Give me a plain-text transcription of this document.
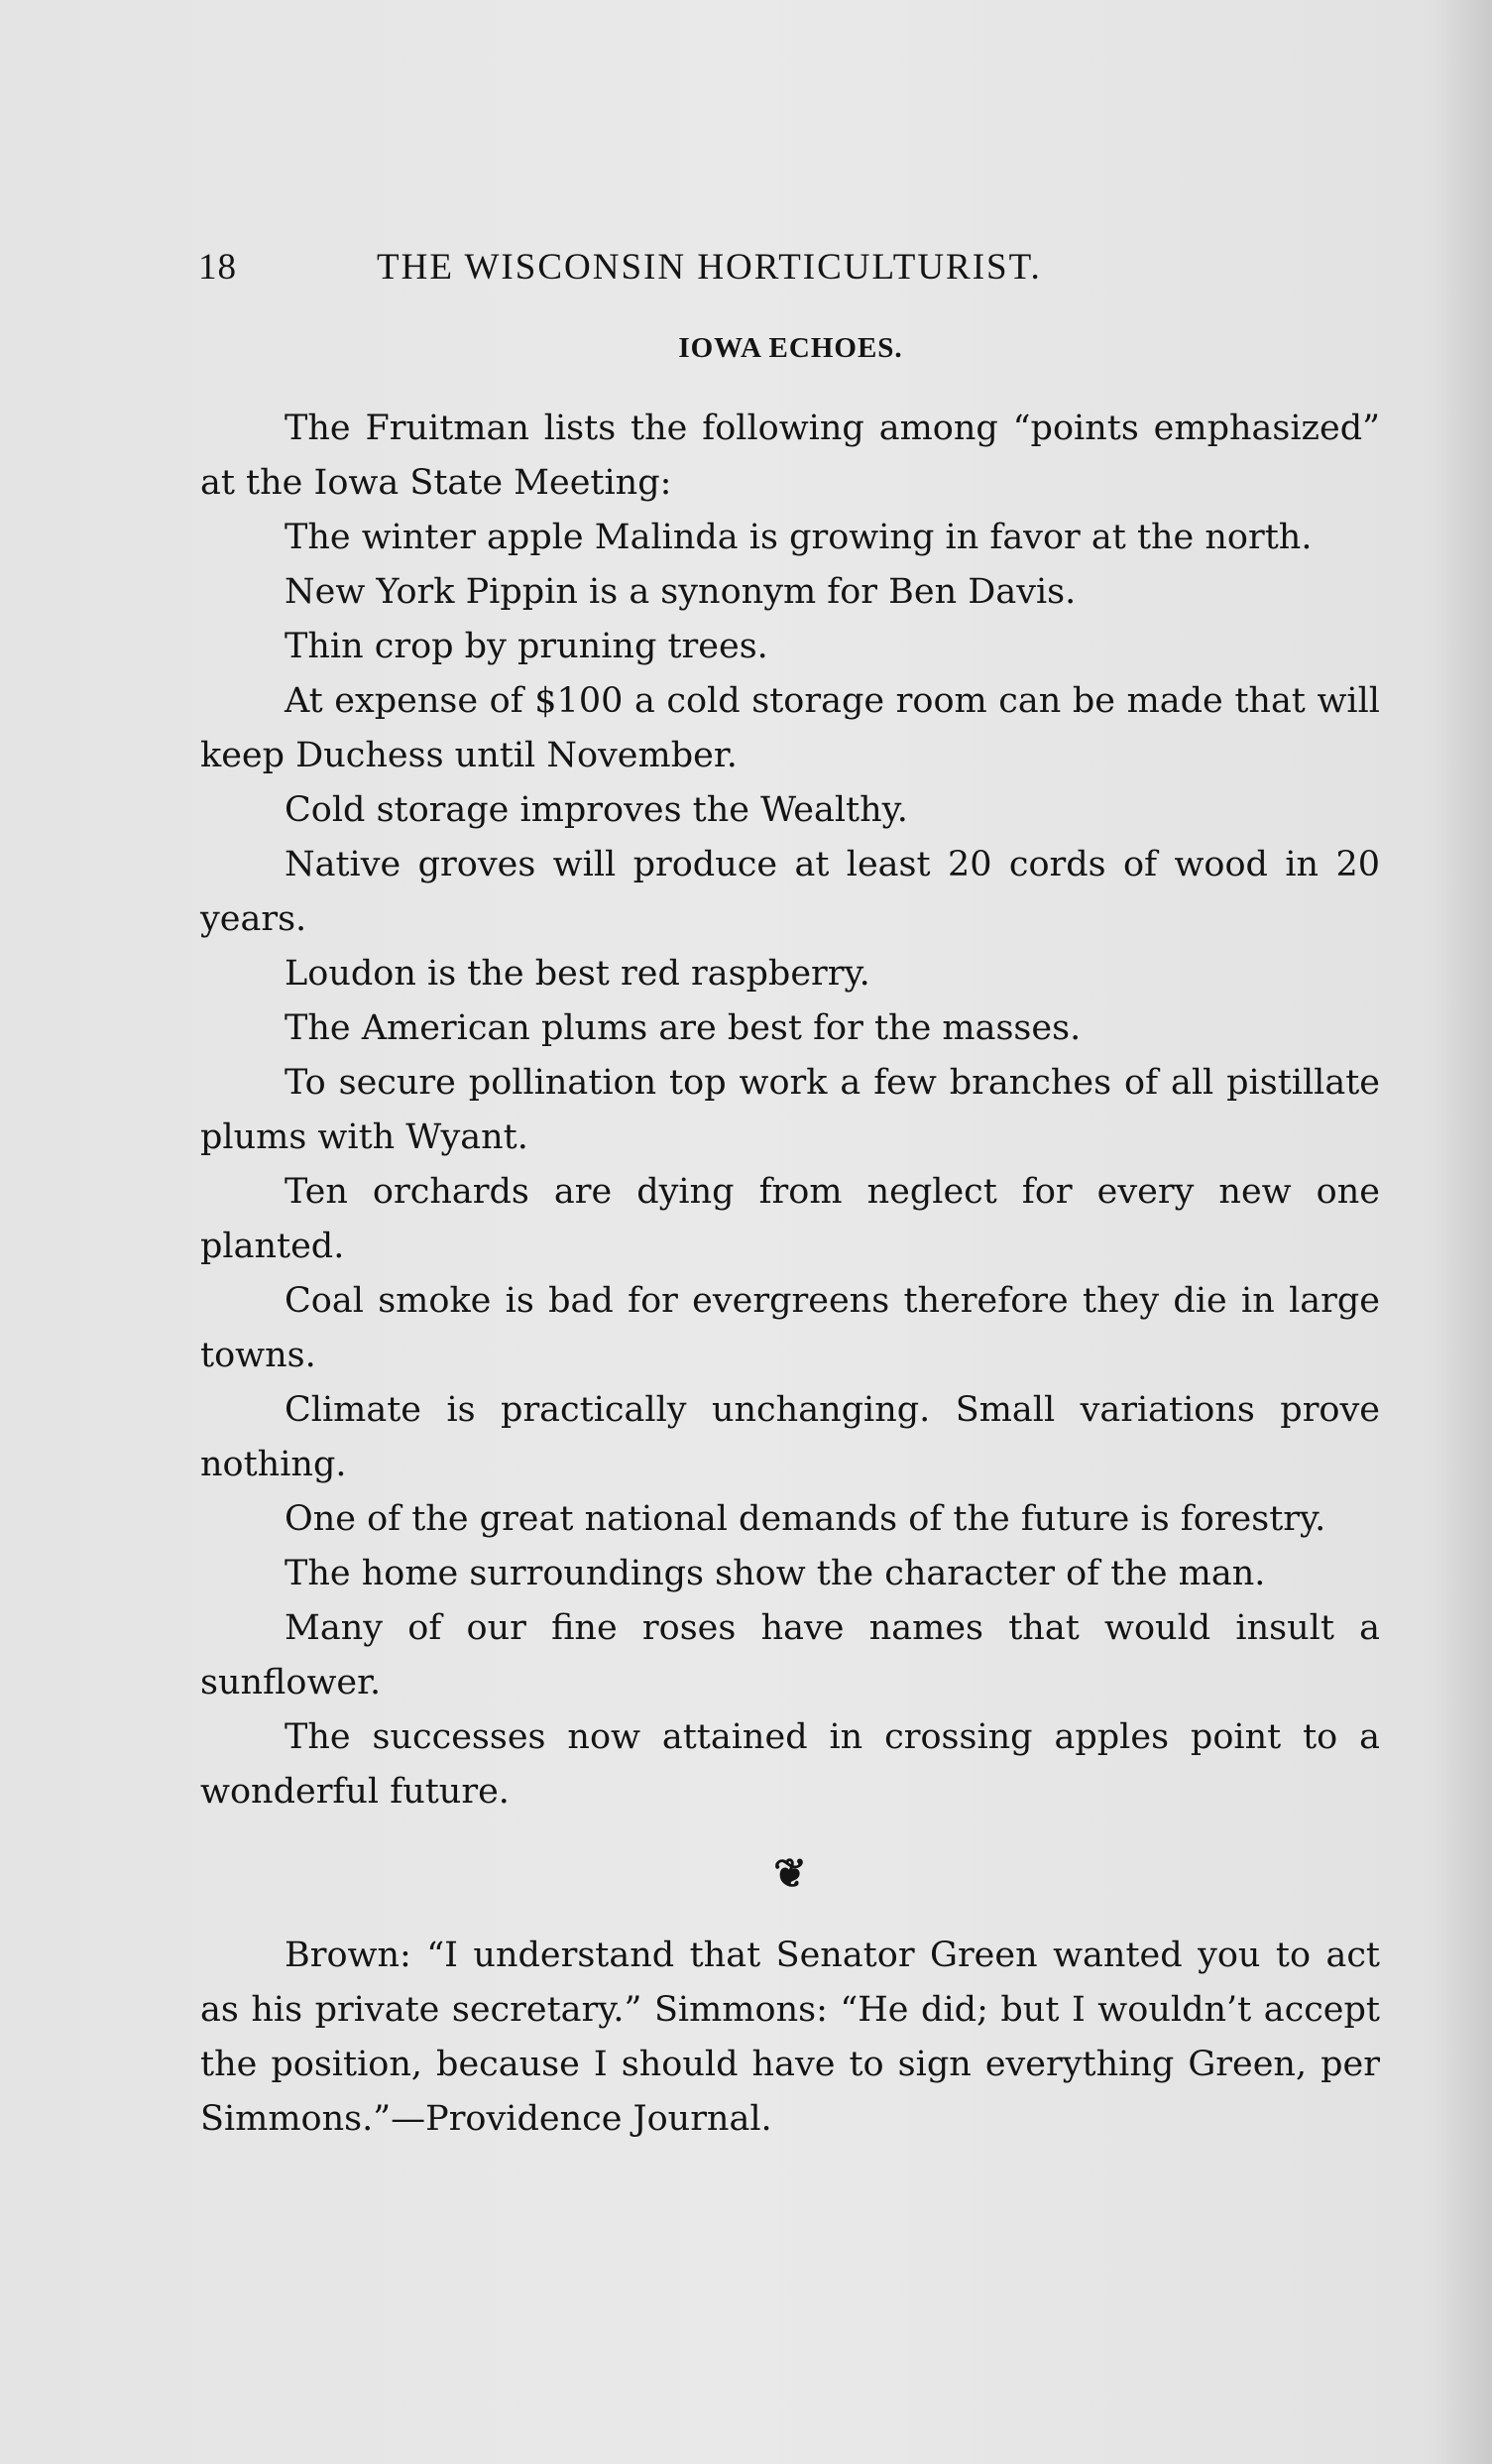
18	THE WISCONSIN HORTICULTURIST.
IOWA ECHOES.

The Fruitman lists the following among “points emphasized” at the Iowa State Meeting:

The winter apple Malinda is growing in favor at the north.

New York Pippin is a synonym for Ben Davis.

Thin crop by pruning trees.

At expense of $100 a cold storage room can be made that will keep Duchess until November.

Cold storage improves the Wealthy.

Native groves will produce at least 20 cords of wood in 20 years.

Loudon is the best red raspberry.

The American plums are best for the masses.

To secure pollination top work a few branches of all pistillate plums with Wyant.

Ten orchards are dying from neglect for every new one planted.

Coal smoke is bad for evergreens therefore they die in large towns.

Climate is practically unchanging. Small variations prove nothing.

One of the great national demands of the future is forestry.

The home surroundings show the character of the man.

Many of our fine roses have names that would insult a sunflower.

The successes now attained in crossing apples point to a wonderful future.

❦

Brown: “I understand that Senator Green wanted you to act as his private secretary.” Simmons: “He did; but I wouldn’t accept the position, because I should have to sign everything Green, per Simmons.”—Providence Journal.
